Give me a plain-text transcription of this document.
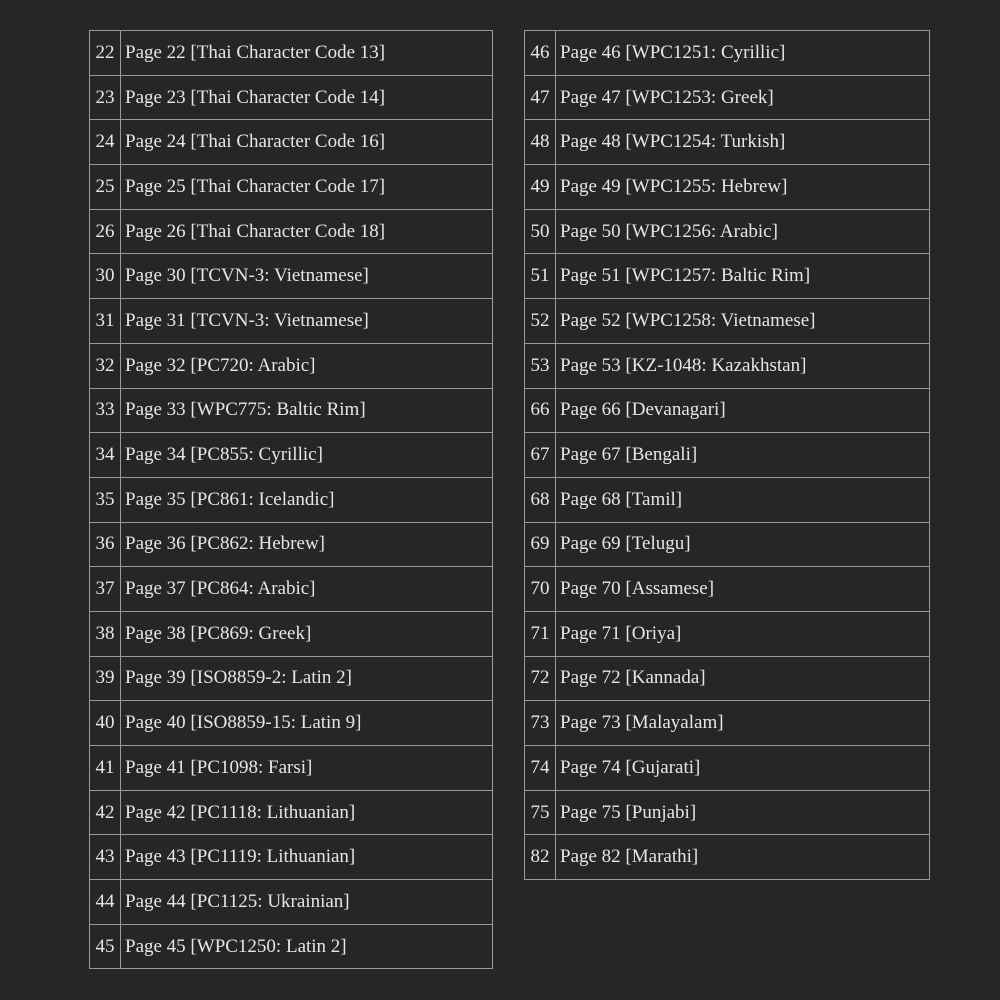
22	Page 22 [Thai Character Code 13]
23	Page 23 [Thai Character Code 14]
24	Page 24 [Thai Character Code 16]
25	Page 25 [Thai Character Code 17]
26	Page 26 [Thai Character Code 18]
30	Page 30 [TCVN-3: Vietnamese]
31	Page 31 [TCVN-3: Vietnamese]
32	Page 32 [PC720: Arabic]
33	Page 33 [WPC775: Baltic Rim]
34	Page 34 [PC855: Cyrillic]
35	Page 35 [PC861: Icelandic]
36	Page 36 [PC862: Hebrew]
37	Page 37 [PC864: Arabic]
38	Page 38 [PC869: Greek]
39	Page 39 [ISO8859-2: Latin 2]
40	Page 40 [ISO8859-15: Latin 9]
41	Page 41 [PC1098: Farsi]
42	Page 42 [PC1118: Lithuanian]
43	Page 43 [PC1119: Lithuanian]
44	Page 44 [PC1125: Ukrainian]
45	Page 45 [WPC1250: Latin 2]
46	Page 46 [WPC1251: Cyrillic]
47	Page 47 [WPC1253: Greek]
48	Page 48 [WPC1254: Turkish]
49	Page 49 [WPC1255: Hebrew]
50	Page 50 [WPC1256: Arabic]
51	Page 51 [WPC1257: Baltic Rim]
52	Page 52 [WPC1258: Vietnamese]
53	Page 53 [KZ-1048: Kazakhstan]
66	Page 66 [Devanagari]
67	Page 67 [Bengali]
68	Page 68 [Tamil]
69	Page 69 [Telugu]
70	Page 70 [Assamese]
71	Page 71 [Oriya]
72	Page 72 [Kannada]
73	Page 73 [Malayalam]
74	Page 74 [Gujarati]
75	Page 75 [Punjabi]
82	Page 82 [Marathi]
